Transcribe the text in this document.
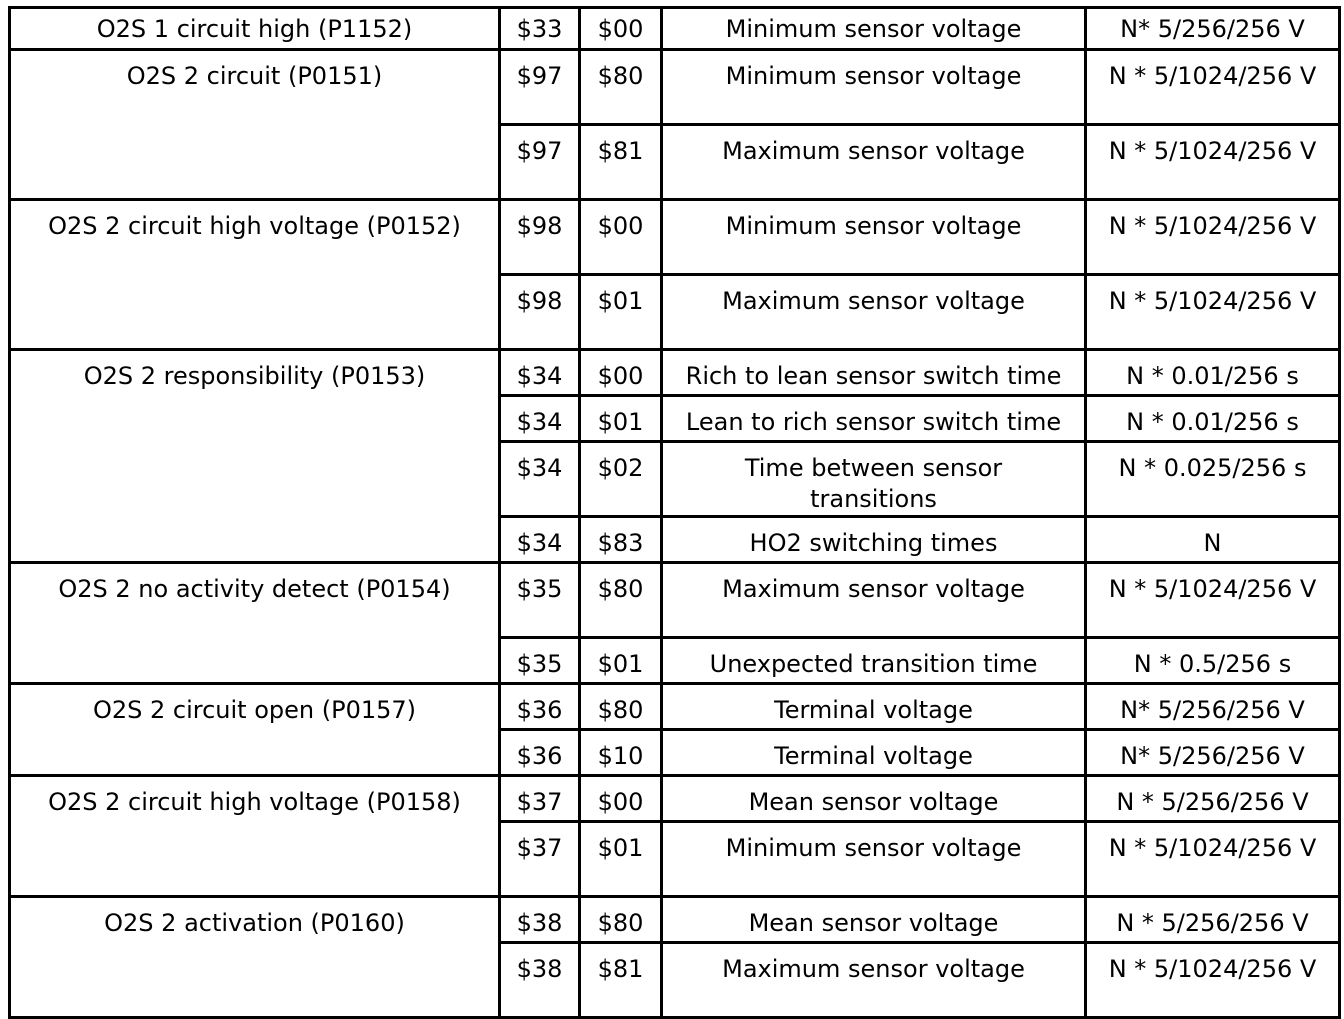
O2S 1 circuit high (P1152)	$33	$00	Minimum sensor voltage	N* 5/256/256 V
O2S 2 circuit (P0151)	$97	$80	Minimum sensor voltage	N * 5/1024/256 V
	$97	$81	Maximum sensor voltage	N * 5/1024/256 V
O2S 2 circuit high voltage (P0152)	$98	$00	Minimum sensor voltage	N * 5/1024/256 V
	$98	$01	Maximum sensor voltage	N * 5/1024/256 V
O2S 2 responsibility (P0153)	$34	$00	Rich to lean sensor switch time	N * 0.01/256 s
	$34	$01	Lean to rich sensor switch time	N * 0.01/256 s
	$34	$02	Time between sensor transitions	N * 0.025/256 s
	$34	$83	HO2 switching times	N
O2S 2 no activity detect (P0154)	$35	$80	Maximum sensor voltage	N * 5/1024/256 V
	$35	$01	Unexpected transition time	N * 0.5/256 s
O2S 2 circuit open (P0157)	$36	$80	Terminal voltage	N* 5/256/256 V
	$36	$10	Terminal voltage	N* 5/256/256 V
O2S 2 circuit high voltage (P0158)	$37	$00	Mean sensor voltage	N * 5/256/256 V
	$37	$01	Minimum sensor voltage	N * 5/1024/256 V
O2S 2 activation (P0160)	$38	$80	Mean sensor voltage	N * 5/256/256 V
	$38	$81	Maximum sensor voltage	N * 5/1024/256 V
